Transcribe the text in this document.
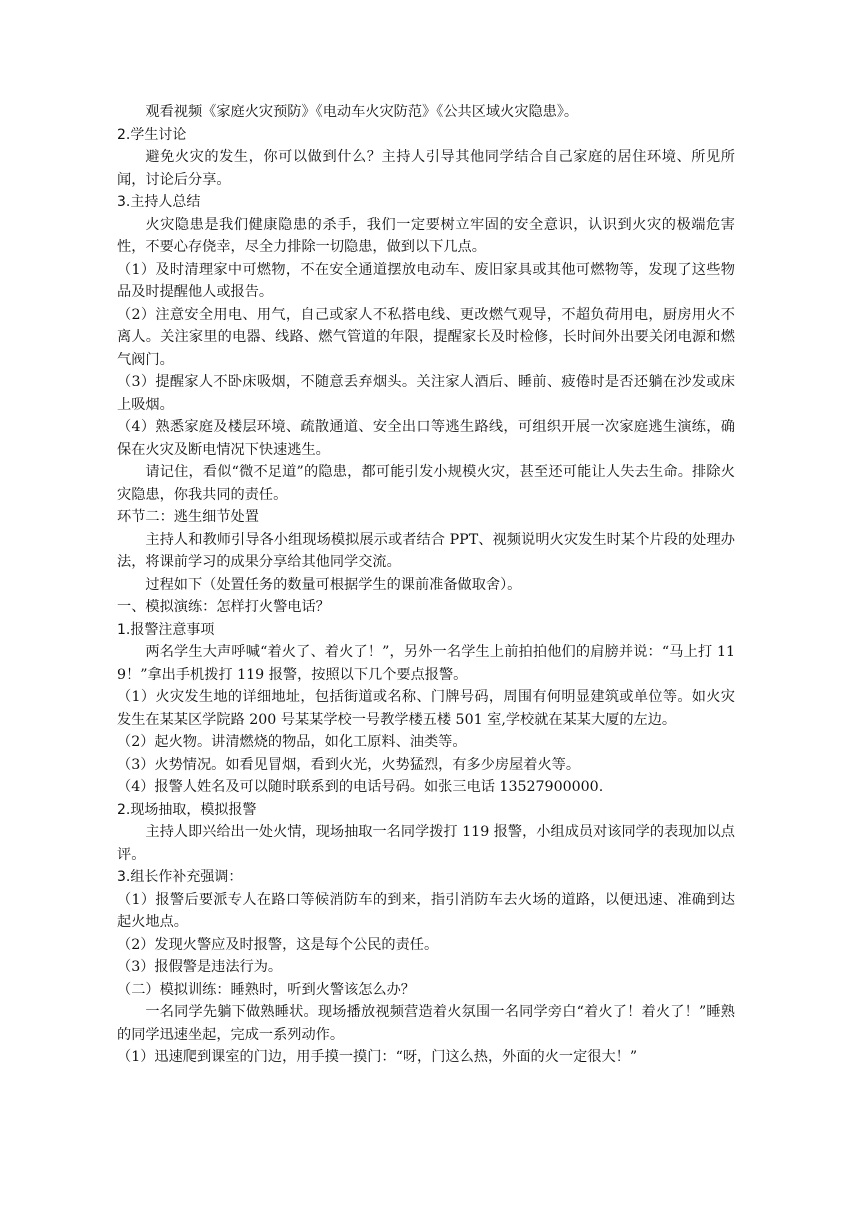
观看视频《家庭火灾预防》《电动车火灾防范》《公共区域火灾隐患》。

2.学生讨论

避免火灾的发生，你可以做到什么？主持人引导其他同学结合自己家庭的居住环境、所见所闻，讨论后分享。

3.主持人总结

火灾隐患是我们健康隐患的杀手，我们一定要树立牢固的安全意识，认识到火灾的极端危害性，不要心存侥幸，尽全力排除一切隐患，做到以下几点。

（1）及时清理家中可燃物，不在安全通道摆放电动车、废旧家具或其他可燃物等，发现了这些物品及时提醒他人或报告。

（2）注意安全用电、用气，自己或家人不私搭电线、更改燃气观导，不超负荷用电，厨房用火不离人。关注家里的电器、线路、燃气管道的年限，提醒家长及时检修，长时间外出要关闭电源和燃气阀门。

（3）提醒家人不卧床吸烟，不随意丢弃烟头。关注家人酒后、睡前、疲倦时是否还躺在沙发或床上吸烟。

（4）熟悉家庭及楼层环境、疏散通道、安全出口等逃生路线，可组织开展一次家庭逃生演练，确保在火灾及断电情况下快速逃生。

请记住，看似“微不足道”的隐患，都可能引发小规模火灾，甚至还可能让人失去生命。排除火灾隐患，你我共同的责任。

环节二：逃生细节处置

主持人和教师引导各小组现场模拟展示或者结合 PPT、视频说明火灾发生时某个片段的处理办法，将课前学习的成果分享给其他同学交流。

过程如下（处置任务的数量可根据学生的课前准备做取舍）。

一、模拟演练：怎样打火警电话？

1.报警注意事项

两名学生大声呼喊“着火了、着火了！”，另外一名学生上前拍拍他们的肩膀并说：“马上打 119！”拿出手机拨打 119 报警，按照以下几个要点报警。

（1）火灾发生地的详细地址，包括街道或名称、门牌号码，周围有何明显建筑或单位等。如火灾发生在某某区学院路 200 号某某学校一号教学楼五楼 501 室,学校就在某某大厦的左边。

（2）起火物。讲清燃烧的物品，如化工原料、油类等。

（3）火势情况。如看见冒烟，看到火光，火势猛烈，有多少房屋着火等。

（4）报警人姓名及可以随时联系到的电话号码。如张三电话 13527900000.

2.现场抽取，模拟报警

主持人即兴给出一处火情，现场抽取一名同学拨打 119 报警，小组成员对该同学的表现加以点评。

3.组长作补充强调：

（1）报警后要派专人在路口等候消防车的到来，指引消防车去火场的道路，以便迅速、准确到达起火地点。

（2）发现火警应及时报警，这是每个公民的责任。

（3）报假警是违法行为。

（二）模拟训练：睡熟时，听到火警该怎么办？

一名同学先躺下做熟睡状。现场播放视频营造着火氛围一名同学旁白“着火了！着火了！”睡熟的同学迅速坐起，完成一系列动作。

（1）迅速爬到课室的门边，用手摸一摸门：“呀，门这么热，外面的火一定很大！”
